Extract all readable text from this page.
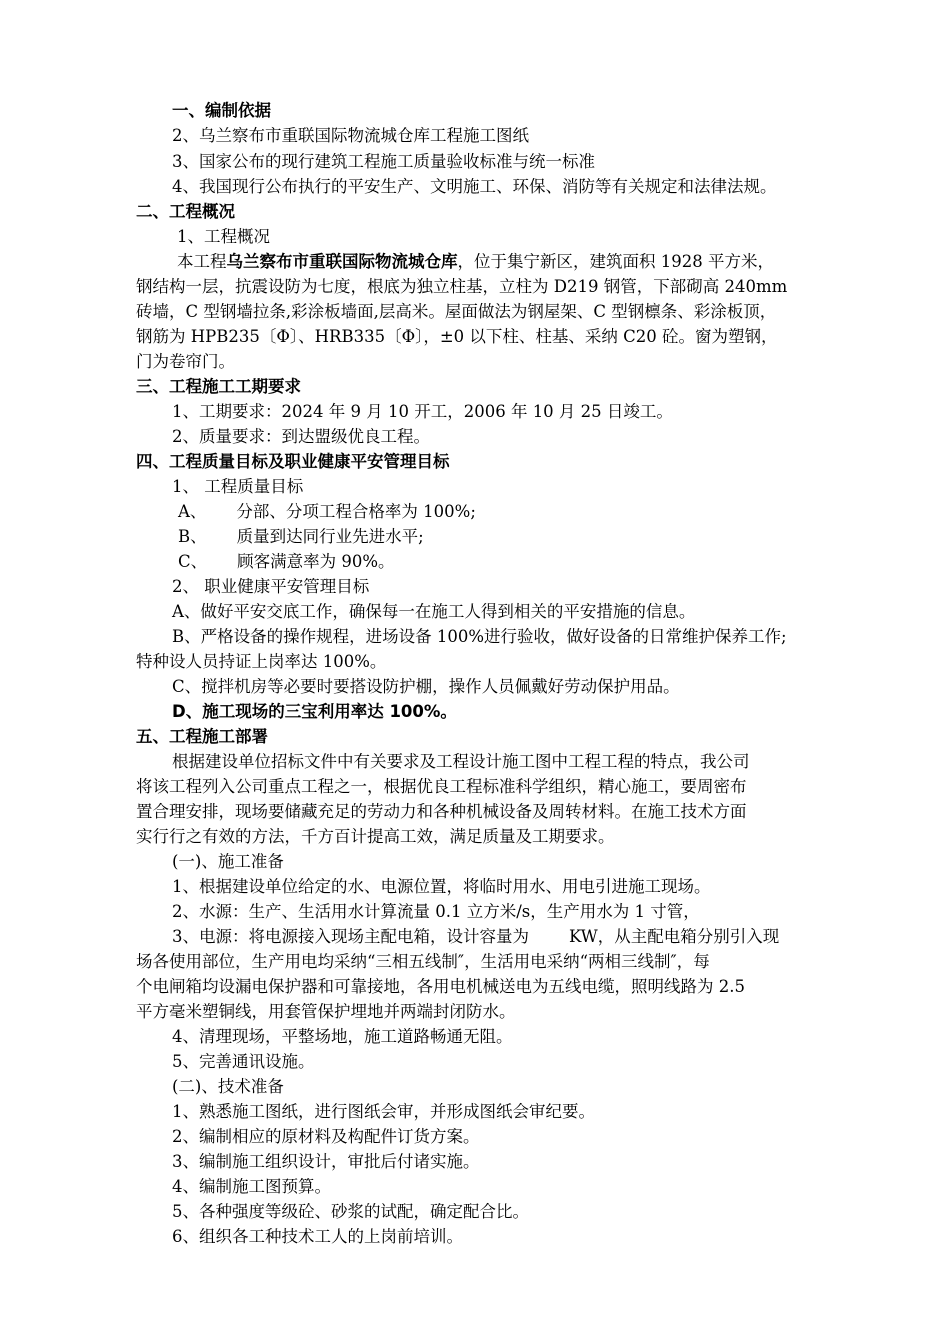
一、编制依据
2、乌兰察布市重联国际物流城仓库工程施工图纸
3、国家公布的现行建筑工程施工质量验收标准与统一标准
4、我国现行公布执行的平安生产、文明施工、环保、消防等有关规定和法律法规。
二、工程概况
1、工程概况
本工程乌兰察布市重联国际物流城仓库，位于集宁新区，建筑面积 1928 平方米，
钢结构一层，抗震设防为七度，根底为独立柱基，立柱为 D219 钢管，下部砌高 240mm
砖墙，C 型钢墙拉条,彩涂板墙面,层高米。屋面做法为钢屋架、C 型钢檩条、彩涂板顶，
钢筋为 HPB235〔Φ〕、HRB335〔Φ〕，±0 以下柱、柱基、采纳 C20 砼。窗为塑钢，
门为卷帘门。
三、工程施工工期要求
1、工期要求：2024 年 9 月 10 开工，2006 年 10 月 25 日竣工。
2、质量要求：到达盟级优良工程。
四、工程质量目标及职业健康平安管理目标
1、 工程质量目标
A、 分部、分项工程合格率为 100%;
B、 质量到达同行业先进水平;
C、 顾客满意率为 90%。
2、 职业健康平安管理目标
A、做好平安交底工作，确保每一在施工人得到相关的平安措施的信息。
B、严格设备的操作规程，进场设备 100%进行验收，做好设备的日常维护保养工作;
特种设人员持证上岗率达 100%。
C、搅拌机房等必要时要搭设防护棚，操作人员佩戴好劳动保护用品。
D、施工现场的三宝利用率达 100%。
五、工程施工部署
根据建设单位招标文件中有关要求及工程设计施工图中工程工程的特点，我公司
将该工程列入公司重点工程之一，根据优良工程标准科学组织，精心施工，要周密布
置合理安排，现场要储藏充足的劳动力和各种机械设备及周转材料。在施工技术方面
实行行之有效的方法，千方百计提高工效，满足质量及工期要求。
(一)、施工准备
1、根据建设单位给定的水、电源位置，将临时用水、用电引进施工现场。
2、水源：生产、生活用水计算流量 0.1 立方米/s，生产用水为 1 寸管，
3、电源：将电源接入现场主配电箱，设计容量为 KW，从主配电箱分别引入现
场各使用部位，生产用电均采纳“三相五线制″，生活用电采纳“两相三线制″，每
个电闸箱均设漏电保护器和可靠接地，各用电机械送电为五线电缆，照明线路为 2.5
平方毫米塑铜线，用套管保护埋地并两端封闭防水。
4、清理现场，平整场地，施工道路畅通无阻。
5、完善通讯设施。
(二)、技术准备
1、熟悉施工图纸，进行图纸会审，并形成图纸会审纪要。
2、编制相应的原材料及构配件订货方案。
3、编制施工组织设计，审批后付诸实施。
4、编制施工图预算。
5、各种强度等级砼、砂浆的试配，确定配合比。
6、组织各工种技术工人的上岗前培训。
